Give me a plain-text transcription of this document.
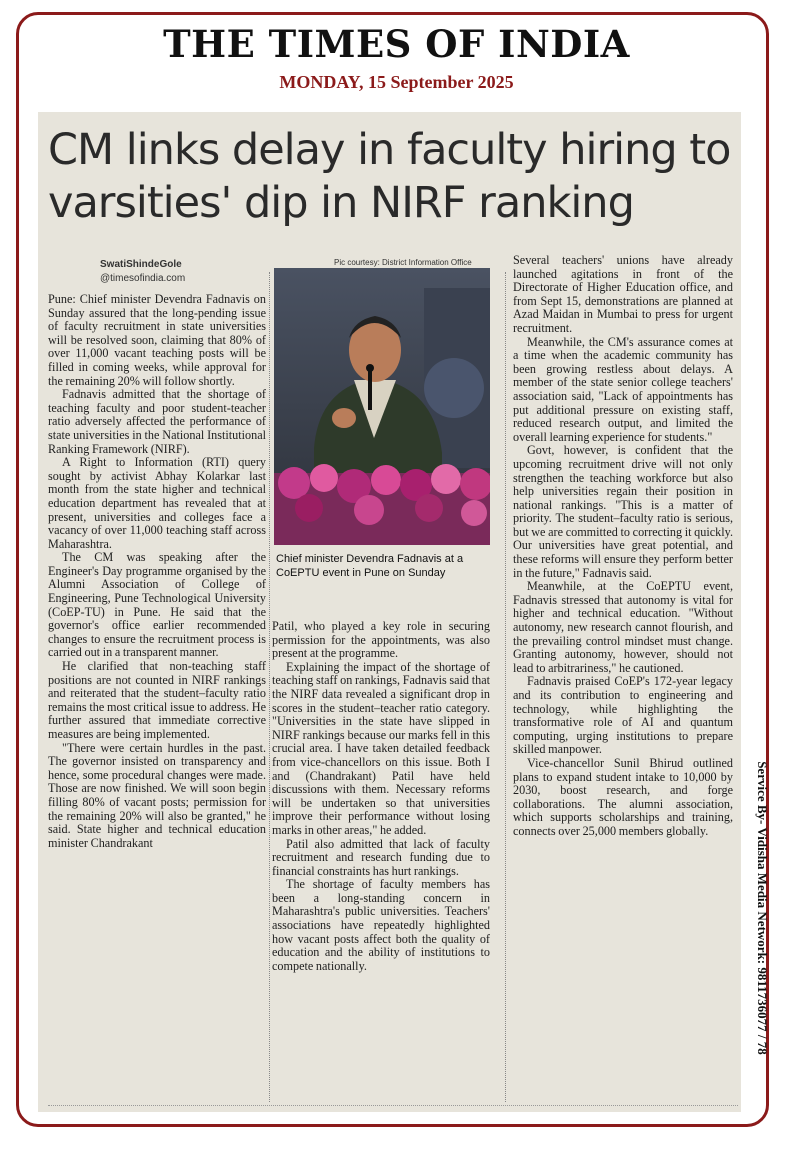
THE TIMES OF INDIA
MONDAY, 15 September 2025
CM links delay in faculty hiring to varsities' dip in NIRF ranking
SwatiShindeGole
@timesofindia.com
Pic courtesy: District Information Office
Chief minister Devendra Fadnavis at a CoEPTU event in Pune on Sunday

Pune: Chief minister Devendra Fadnavis on Sunday assured that the long-pending issue of faculty recruitment in state universities will be resolved soon, claiming that 80% of over 11,000 vacant teaching posts will be filled in coming weeks, while approval for the remaining 20% will follow shortly.

Fadnavis admitted that the shortage of teaching faculty and poor student-teacher ratio adversely affected the performance of state universities in the National Institutional Ranking Framework (NIRF).

A Right to Information (RTI) query sought by activist Abhay Kolarkar last month from the state higher and technical education department has revealed that at present, universities and colleges face a vacancy of over 11,000 teaching staff across Maharashtra.

The CM was speaking after the Engineer's Day programme organised by the Alumni Association of College of Engineering, Pune Technological University (CoEP-TU) in Pune. He said that the governor's office earlier recommended changes to ensure the recruitment process is carried out in a transparent manner.

He clarified that non-teaching staff positions are not counted in NIRF rankings and reiterated that the student–faculty ratio remains the most critical issue to address. He further assured that immediate corrective measures are being implemented.

"There were certain hurdles in the past. The governor insisted on transparency and hence, some procedural changes were made. Those are now finished. We will soon begin filling 80% of vacant posts; permission for the remaining 20% will also be granted," he said. State higher and technical education minister Chandrakant

Patil, who played a key role in securing permission for the appointments, was also present at the programme.

Explaining the impact of the shortage of teaching staff on rankings, Fadnavis said that the NIRF data revealed a significant drop in scores in the student–teacher ratio category. "Universities in the state have slipped in NIRF rankings because our marks fell in this crucial area. I have taken detailed feedback from vice-chancellors on this issue. Both I and (Chandrakant) Patil have held discussions with them. Necessary reforms will be undertaken so that universities improve their performance without losing marks in other areas," he added.

Patil also admitted that lack of faculty recruitment and research funding due to financial constraints has hurt rankings.

The shortage of faculty members has been a long-standing concern in Maharashtra's public universities. Teachers' associations have repeatedly highlighted how vacant posts affect both the quality of education and the ability of institutions to compete nationally.

Several teachers' unions have already launched agitations in front of the Directorate of Higher Education office, and from Sept 15, demonstrations are planned at Azad Maidan in Mumbai to press for urgent recruitment.

Meanwhile, the CM's assurance comes at a time when the academic community has been growing restless about delays. A member of the state senior college teachers' association said, "Lack of appointments has put additional pressure on existing staff, reduced research output, and limited the overall learning experience for students."

Govt, however, is confident that the upcoming recruitment drive will not only strengthen the teaching workforce but also help universities regain their position in national rankings. "This is a matter of priority. The student–faculty ratio is serious, but we are committed to correcting it quickly. Our universities have great potential, and these reforms will ensure they perform better in the future," Fadnavis said.

Meanwhile, at the CoEPTU event, Fadnavis stressed that autonomy is vital for higher and technical education. "Without autonomy, new research cannot flourish, and the prevailing control mindset must change. Granting autonomy, however, should not lead to arbitrariness," he cautioned.

Fadnavis praised CoEP's 172-year legacy and its contribution to engineering and technology, while highlighting the transformative role of AI and quantum computing, urging institutions to prepare skilled manpower.

Vice-chancellor Sunil Bhirud outlined plans to expand student intake to 10,000 by 2030, boost research, and forge collaborations. The alumni association, which supports scholarships and training, connects over 25,000 members globally.	Service By- Vidisha Media Network: 9811736077 / 78
